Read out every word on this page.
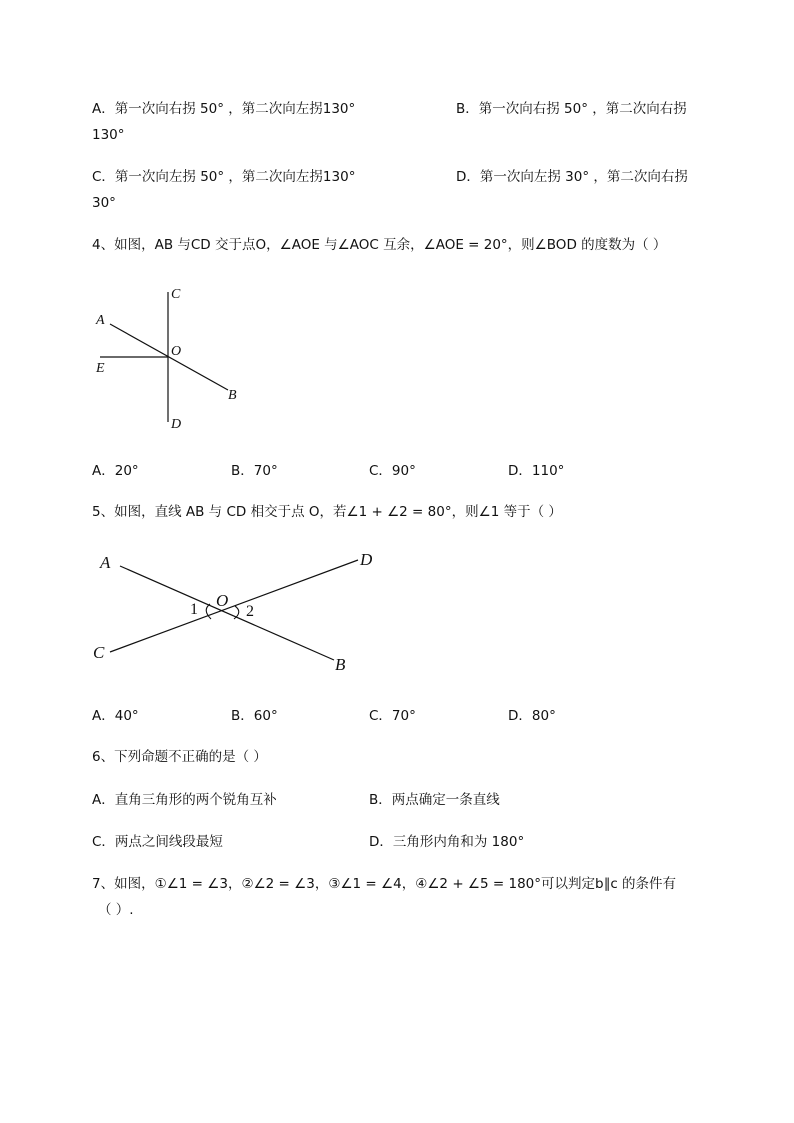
A．第一次向右拐 50° ，第二次向左拐130°	B．第一次向右拐 50° ，第二次向右拐
130°
C．第一次向左拐 50° ，第二次向左拐130°	D．第一次向左拐 30° ，第二次向右拐
30°
4、如图，AB 与CD 交于点O，∠AOE 与∠AOC 互余，∠AOE = 20°，则∠BOD 的度数为（ ）
C
A
O
E
B
D
A．20°	B．70°	C．90°	D．110°
5、如图，直线 AB 与 CD 相交于点 O，若∠1 + ∠2 = 80°，则∠1 等于（ ）
A	D
O
1	2
C
B
A．40°	B．60°	C．70°	D．80°
6、下列命题不正确的是（ ）
A．直角三角形的两个锐角互补	B．两点确定一条直线
C．两点之间线段最短	D．三角形内角和为 180°
7、如图，①∠1 = ∠3，②∠2 = ∠3，③∠1 = ∠4，④∠2 + ∠5 = 180°可以判定b∥c 的条件有
（ ）.
